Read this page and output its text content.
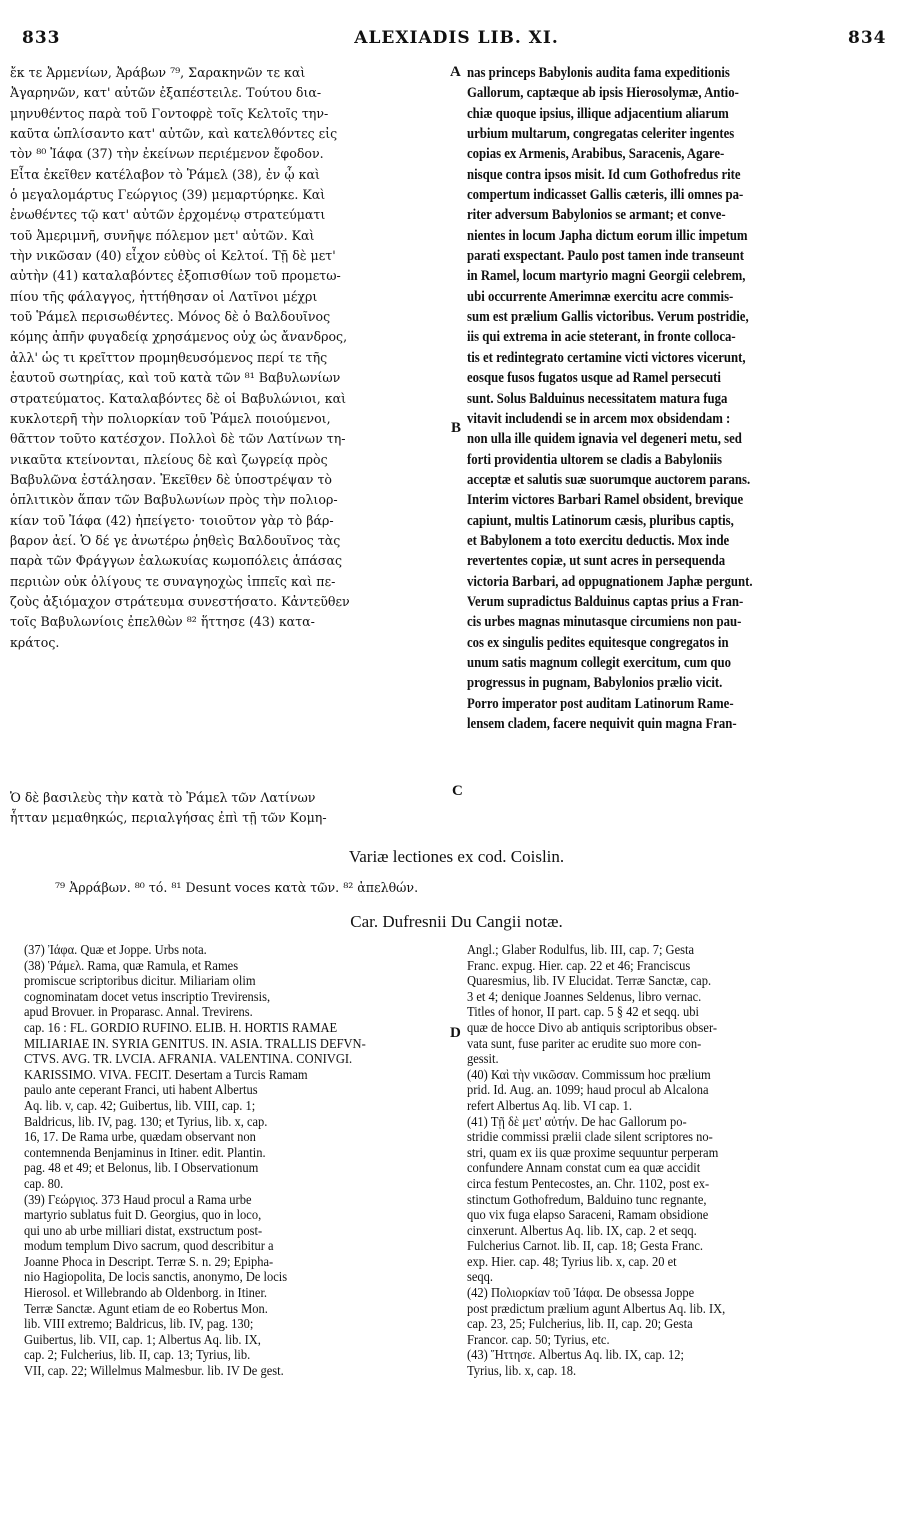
833	ALEXIADIS LIB. XI.	834
A
B
C
D
ἔκ τε Ἀρμενίων, Ἀράβων ⁷⁹, Σαρακηνῶν τε καὶ
Ἀγαρηνῶν, κατ' αὐτῶν ἐξαπέστειλε. Τούτου δια-
μηνυθέντος παρὰ τοῦ Γοντοφρὲ τοῖς Κελτοῖς την-
καῦτα ὡπλίσαντο κατ' αὐτῶν, καὶ κατελθόντες εἰς
τὸν ⁸⁰ Ἰάφα (37) τὴν ἐκείνων περιέμενον ἔφοδον.
Εἶτα ἐκεῖθεν κατέλαβον τὸ Ῥάμελ (38), ἐν ᾧ καὶ
ὁ μεγαλομάρτυς Γεώργιος (39) μεμαρτύρηκε. Καὶ
ἐνωθέντες τῷ κατ' αὐτῶν ἐρχομένῳ στρατεύματι
τοῦ Ἀμεριμνῆ, συνῆψε πόλεμον μετ' αὐτῶν. Καὶ
τὴν νικῶσαν (40) εἶχον εὐθὺς οἱ Κελτοί. Τῇ δὲ μετ'
αὐτὴν (41) καταλαβόντες ἐξοπισθίων τοῦ προμετω-
πίου τῆς φάλαγγος, ἡττήθησαν οἱ Λατῖνοι μέχρι
τοῦ Ῥάμελ περισωθέντες. Μόνος δὲ ὁ Βαλδουῖνος
κόμης ἀπῆν φυγαδείᾳ χρησάμενος οὐχ ὡς ἄνανδρος,
ἀλλ' ὡς τι κρεῖττον προμηθευσόμενος περί τε τῆς
ἑαυτοῦ σωτηρίας, καὶ τοῦ κατὰ τῶν ⁸¹ Βαβυλωνίων
στρατεύματος. Καταλαβόντες δὲ οἱ Βαβυλώνιοι, καὶ
κυκλοτερῆ τὴν πολιορκίαν τοῦ Ῥάμελ ποιούμενοι,
θᾶττον τοῦτο κατέσχον. Πολλοὶ δὲ τῶν Λατίνων τη-
νικαῦτα κτείνονται, πλείους δὲ καὶ ζωγρείᾳ πρὸς
Βαβυλῶνα ἐστάλησαν. Ἐκεῖθεν δὲ ὑποστρέψαν τὸ
ὁπλιτικὸν ἅπαν τῶν Βαβυλωνίων πρὸς τὴν πολιορ-
κίαν τοῦ Ἰάφα (42) ἠπείγετο· τοιοῦτον γὰρ τὸ βάρ-
βαρον ἀεί. Ὁ δέ γε ἀνωτέρω ῥηθεὶς Βαλδουῖνος τὰς
παρὰ τῶν Φράγγων ἑαλωκυίας κωμοπόλεις ἁπάσας
περιιὼν οὐκ ὀλίγους τε συναγηοχὼς ἱππεῖς καὶ πε-
ζοὺς ἀξιόμαχον στράτευμα συνεστήσατο. Κἀντεῦθεν
τοῖς Βαβυλωνίοις ἐπελθὼν ⁸² ἥττησε (43) κατα-
κράτος.
Ὁ δὲ βασιλεὺς τὴν κατὰ τὸ Ῥάμελ τῶν Λατίνων
ἧτταν μεμαθηκώς, περιαλγήσας ἐπὶ τῇ τῶν Κομη-
nas princeps Babylonis audita fama expeditionis
Gallorum, captæque ab ipsis Hierosolymæ, Antio-
chiæ quoque ipsius, illique adjacentium aliarum
urbium multarum, congregatas celeriter ingentes
copias ex Armenis, Arabibus, Saracenis, Agare-
nisque contra ipsos misit. Id cum Gothofredus rite
compertum indicasset Gallis cæteris, illi omnes pa-
riter adversum Babylonios se armant; et conve-
nientes in locum Japha dictum eorum illic impetum
parati exspectant. Paulo post tamen inde transeunt
in Ramel, locum martyrio magni Georgii celebrem,
ubi occurrente Amerimnæ exercitu acre commis-
sum est prælium Gallis victoribus. Verum postridie,
iis qui extrema in acie steterant, in fronte colloca-
tis et redintegrato certamine victi victores vicerunt,
eosque fusos fugatos usque ad Ramel persecuti
sunt. Solus Balduinus necessitatem matura fuga
vitavit includendi se in arcem mox obsidendam :
non ulla ille quidem ignavia vel degeneri metu, sed
forti providentia ultorem se cladis a Babyloniis
acceptæ et salutis suæ suorumque auctorem parans.
Interim victores Barbari Ramel obsident, brevique
capiunt, multis Latinorum cæsis, pluribus captis,
et Babylonem a toto exercitu deductis. Mox inde
revertentes copiæ, ut sunt acres in persequenda
victoria Barbari, ad oppugnationem Japhæ pergunt.
Verum supradictus Balduinus captas prius a Fran-
cis urbes magnas minutasque circumiens non pau-
cos ex singulis pedites equitesque congregatos in
unum satis magnum collegit exercitum, cum quo
progressus in pugnam, Babylonios prælio vicit.
Porro imperator post auditam Latinorum Rame-
lensem cladem, facere nequivit quin magna Fran-
Variæ lectiones ex cod. Coislin.
⁷⁹ Ἀρράβων. ⁸⁰ τό. ⁸¹ Desunt voces κατὰ τῶν. ⁸² ἀπελθών.
Car. Dufresnii Du Cangii notæ.
(37) Ἰάφα. Quæ et Joppe. Urbs nota.
(38) Ῥάμελ. Rama, quæ Ramula, et Rames
promiscue scriptoribus dicitur. Miliariam olim
cognominatam docet vetus inscriptio Trevirensis,
apud Brovuer. in Proparasc. Annal. Trevirens.
cap. 16 : FL. GORDIO RUFINO. ELIB. H. HORTIS RAMAE
MILIARIAE IN. SYRIA GENITUS. IN. ASIA. TRALLIS DEFVN-
CTVS. AVG. TR. LVCIA. AFRANIA. VALENTINA. CONIVGI.
KARISSIMO. VIVA. FECIT. Desertam a Turcis Ramam
paulo ante ceperant Franci, uti habent Albertus
Aq. lib. v, cap. 42; Guibertus, lib. VIII, cap. 1;
Baldricus, lib. IV, pag. 130; et Tyrius, lib. x, cap.
16, 17. De Rama urbe, quædam observant non
contemnenda Benjaminus in Itiner. edit. Plantin.
pag. 48 et 49; et Belonus, lib. I Observationum
cap. 80.
(39) Γεώργιος. 373 Haud procul a Rama urbe
martyrio sublatus fuit D. Georgius, quo in loco,
qui uno ab urbe milliari distat, exstructum post-
modum templum Divo sacrum, quod describitur a
Joanne Phoca in Descript. Terræ S. n. 29; Epipha-
nio Hagiopolita, De locis sanctis, anonymo, De locis
Hierosol. et Willebrando ab Oldenborg. in Itiner.
Terræ Sanctæ. Agunt etiam de eo Robertus Mon.
lib. VIII extremo; Baldricus, lib. IV, pag. 130;
Guibertus, lib. VII, cap. 1; Albertus Aq. lib. IX,
cap. 2; Fulcherius, lib. II, cap. 13; Tyrius, lib.
VII, cap. 22; Willelmus Malmesbur. lib. IV De gest.
Angl.; Glaber Rodulfus, lib. III, cap. 7; Gesta
Franc. expug. Hier. cap. 22 et 46; Franciscus
Quaresmius, lib. IV Elucidat. Terræ Sanctæ, cap.
3 et 4; denique Joannes Seldenus, libro vernac.
Titles of honor, II part. cap. 5 § 42 et seqq. ubi
quæ de hocce Divo ab antiquis scriptoribus obser-
vata sunt, fuse pariter ac erudite suo more con-
gessit.
(40) Καὶ τὴν νικῶσαν. Commissum hoc prælium
prid. Id. Aug. an. 1099; haud procul ab Alcalona
refert Albertus Aq. lib. VI cap. 1.
(41) Τῇ δὲ μετ' αὐτήν. De hac Gallorum po-
stridie commissi prælii clade silent scriptores no-
stri, quam ex iis quæ proxime sequuntur perperam
confundere Annam constat cum ea quæ accidit
circa festum Pentecostes, an. Chr. 1102, post ex-
stinctum Gothofredum, Balduino tunc regnante,
quo vix fuga elapso Saraceni, Ramam obsidione
cinxerunt. Albertus Aq. lib. IX, cap. 2 et seqq.
Fulcherius Carnot. lib. II, cap. 18; Gesta Franc.
exp. Hier. cap. 48; Tyrius lib. x, cap. 20 et
seqq.
(42) Πολιορκίαν τοῦ Ἰάφα. De obsessa Joppe
post prædictum prælium agunt Albertus Aq. lib. IX,
cap. 23, 25; Fulcherius, lib. II, cap. 20; Gesta
Francor. cap. 50; Tyrius, etc.
(43) Ἥττησε. Albertus Aq. lib. IX, cap. 12;
Tyrius, lib. x, cap. 18.
